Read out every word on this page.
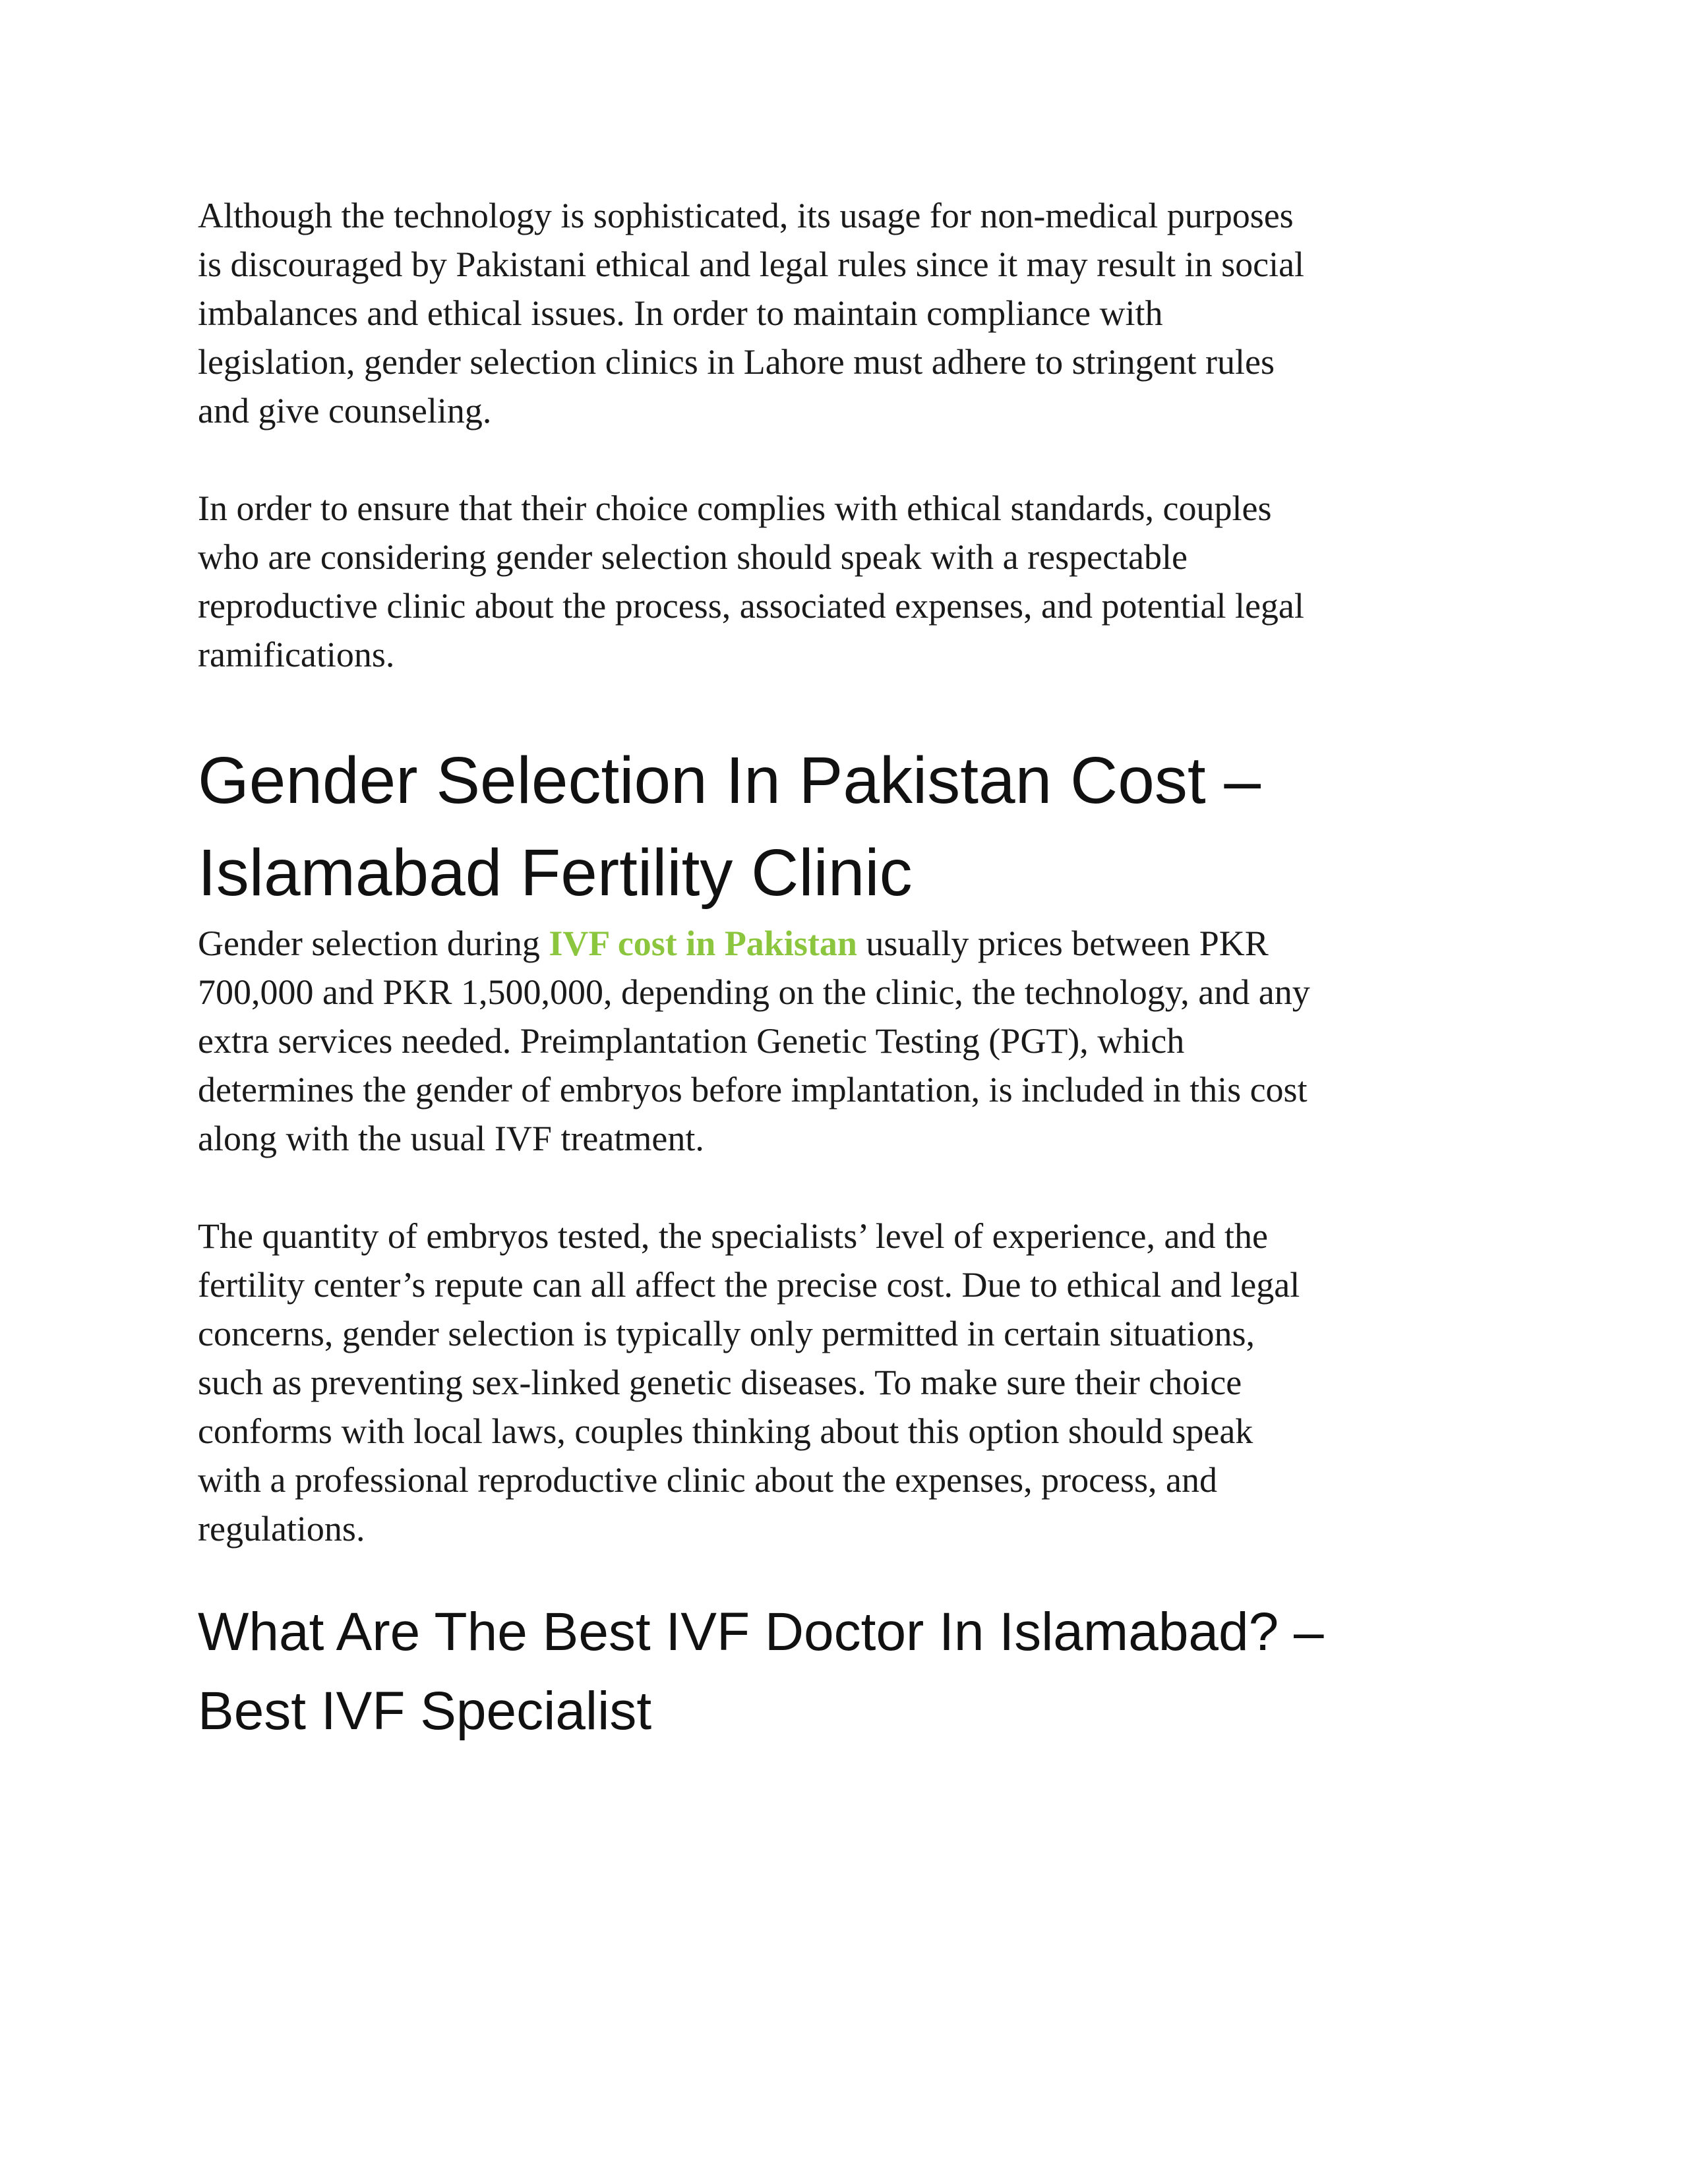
Although the technology is sophisticated, its usage for non-medical purposes
is discouraged by Pakistani ethical and legal rules since it may result in social
imbalances and ethical issues. In order to maintain compliance with
legislation, gender selection clinics in Lahore must adhere to stringent rules
and give counseling.

In order to ensure that their choice complies with ethical standards, couples
who are considering gender selection should speak with a respectable
reproductive clinic about the process, associated expenses, and potential legal
ramifications.

Gender Selection In Pakistan Cost –
Islamabad Fertility Clinic

Gender selection during IVF cost in Pakistan usually prices between PKR
700,000 and PKR 1,500,000, depending on the clinic, the technology, and any
extra services needed. Preimplantation Genetic Testing (PGT), which
determines the gender of embryos before implantation, is included in this cost
along with the usual IVF treatment.

The quantity of embryos tested, the specialists’ level of experience, and the
fertility center’s repute can all affect the precise cost. Due to ethical and legal
concerns, gender selection is typically only permitted in certain situations,
such as preventing sex-linked genetic diseases. To make sure their choice
conforms with local laws, couples thinking about this option should speak
with a professional reproductive clinic about the expenses, process, and
regulations.

What Are The Best IVF Doctor In Islamabad? –
Best IVF Specialist
